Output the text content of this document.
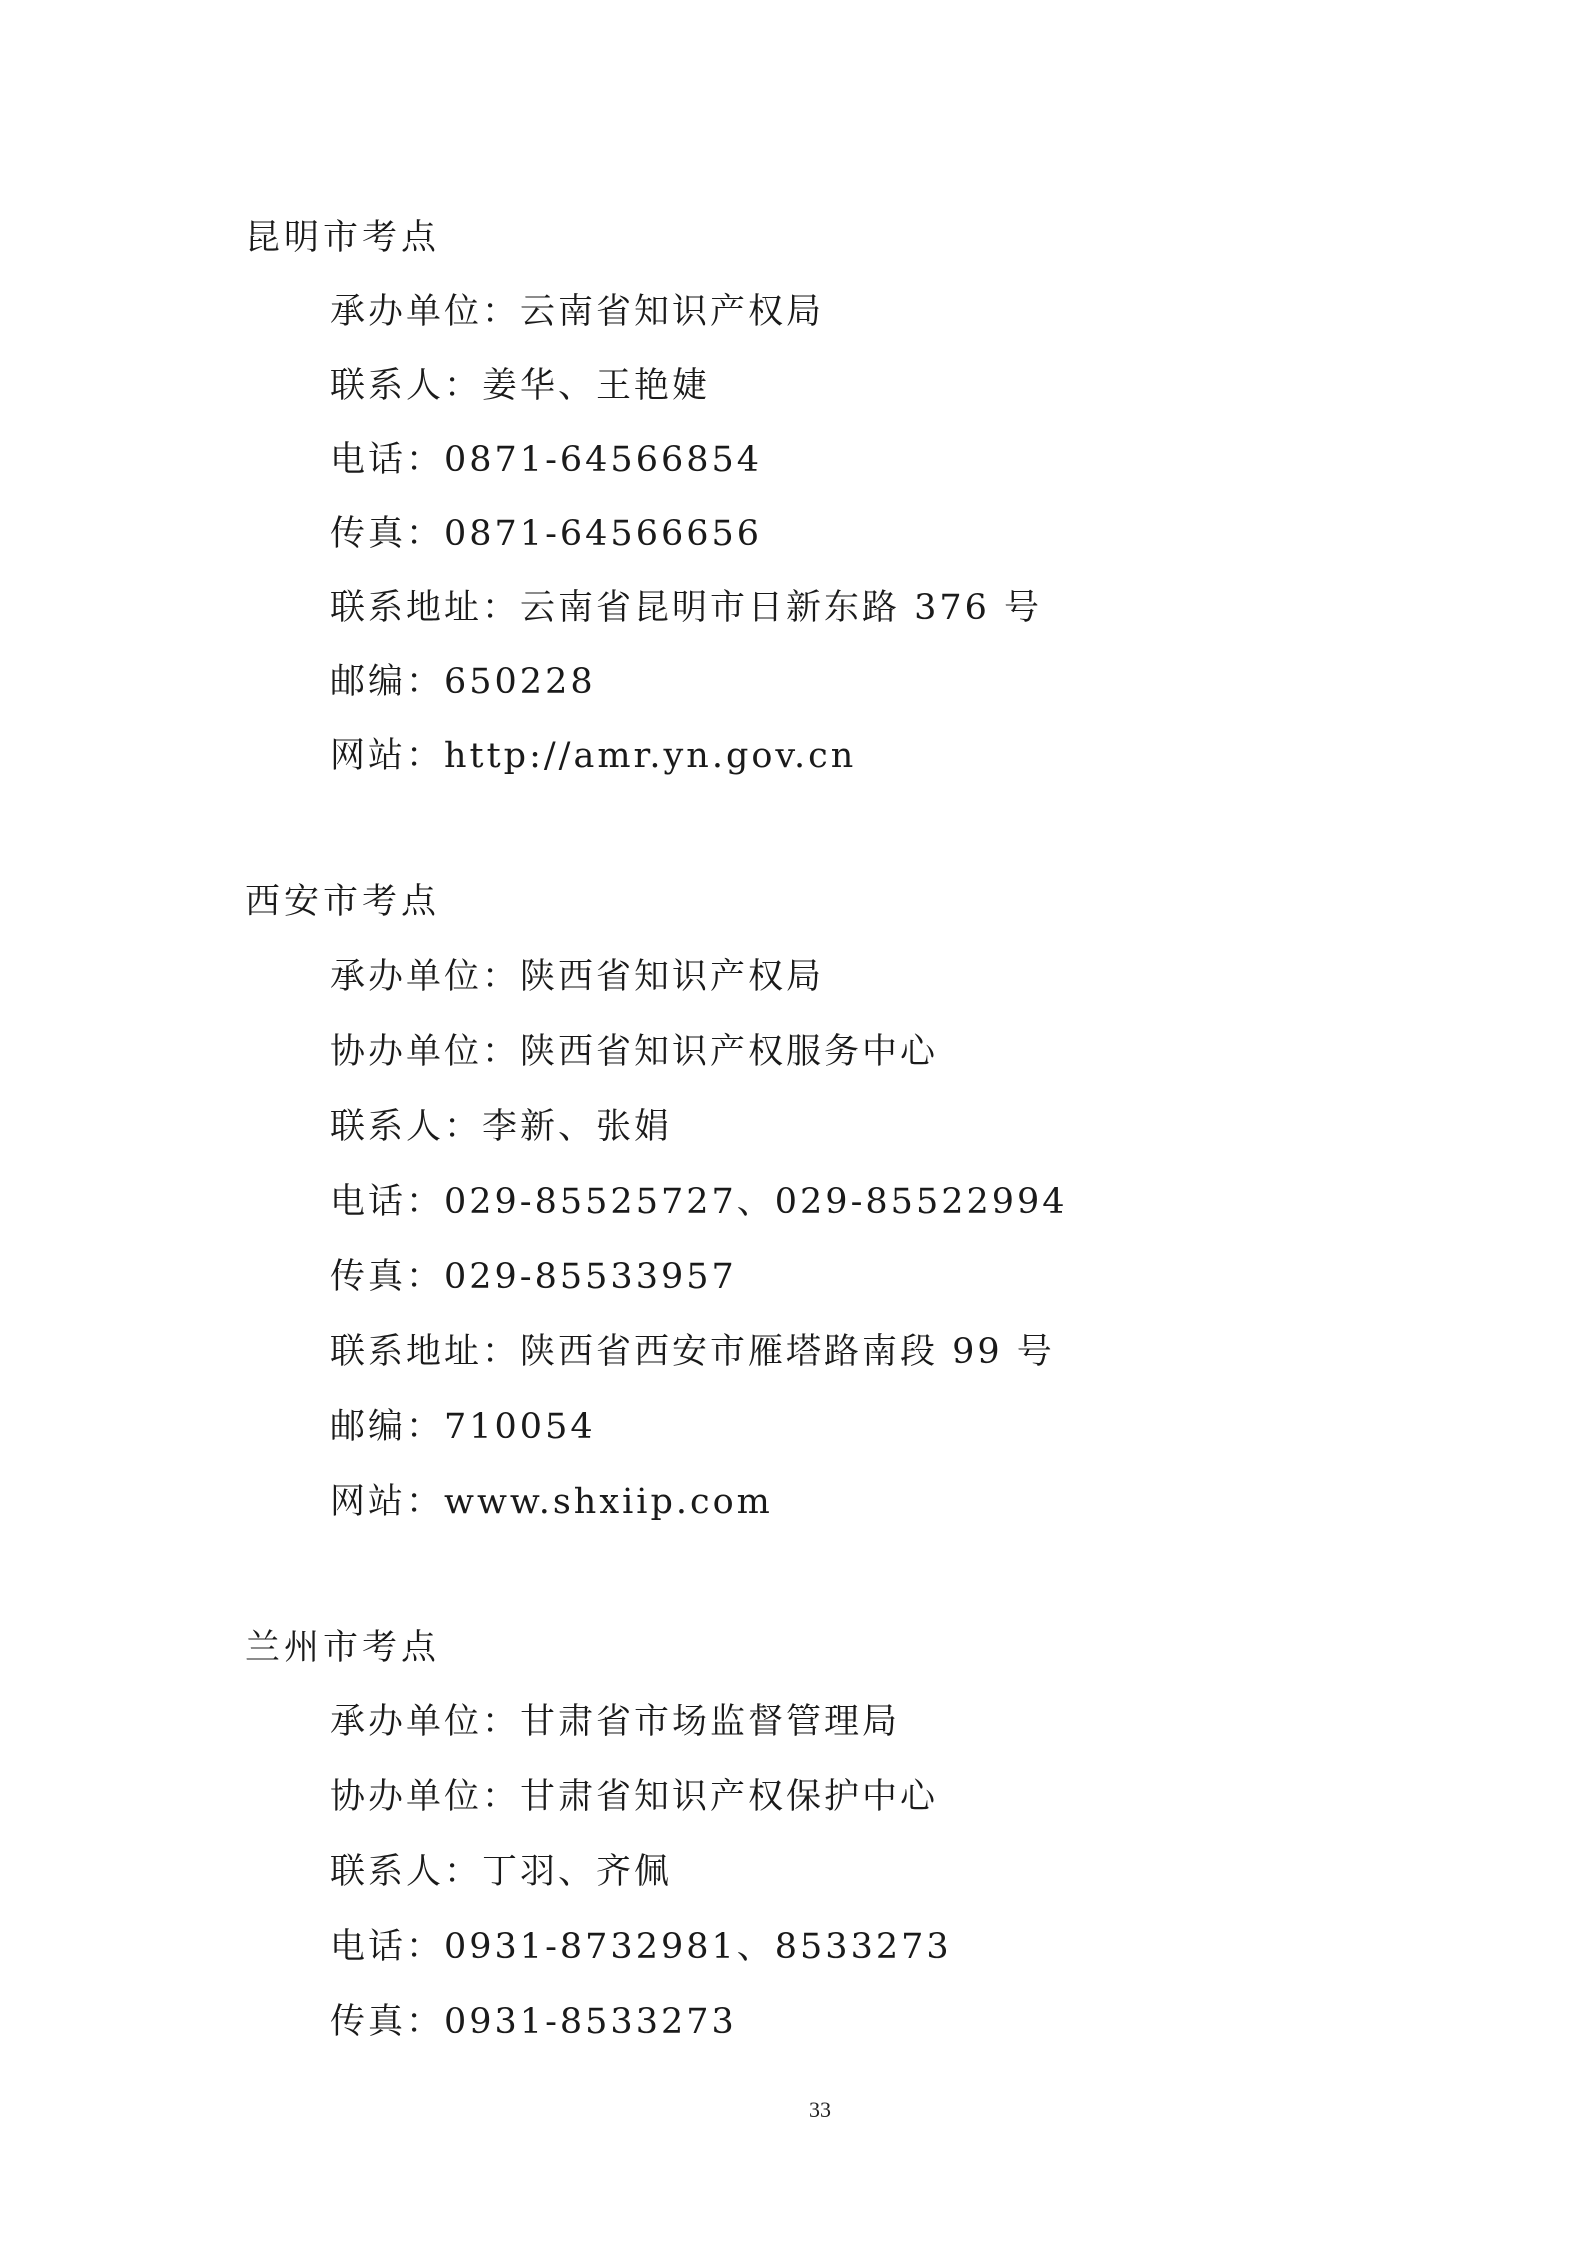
昆明市考点

承办单位：云南省知识产权局

联系人：姜华、王艳婕

电话：0871-64566854

传真：0871-64566656

联系地址：云南省昆明市日新东路 376 号

邮编：650228

网站：http://amr.yn.gov.cn

西安市考点

承办单位：陕西省知识产权局

协办单位：陕西省知识产权服务中心

联系人：李新、张娟

电话：029-85525727、029-85522994

传真：029-85533957

联系地址：陕西省西安市雁塔路南段 99 号

邮编：710054

网站：www.shxiip.com

兰州市考点

承办单位：甘肃省市场监督管理局

协办单位：甘肃省知识产权保护中心

联系人：丁羽、齐佩

电话：0931-8732981、8533273

传真：0931-8533273

33
